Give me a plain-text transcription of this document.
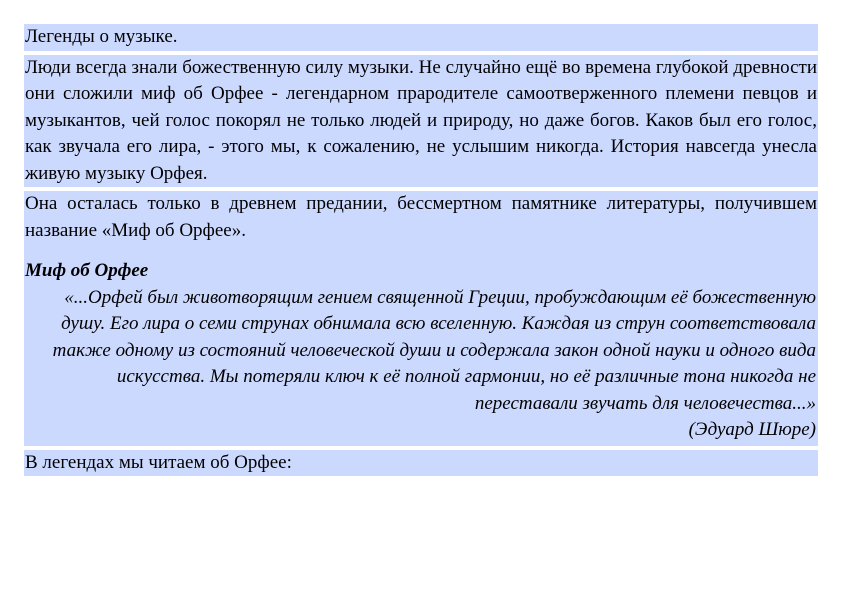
Легенды о музыке.
Люди всегда знали божественную силу музыки. Не случайно ещё во времена глубокой древности они сложили миф об Орфее - легендарном прародителе самоотверженного племени певцов и музыкантов, чей голос покорял не только людей и природу, но даже богов. Каков был его голос, как звучала его лира, - этого мы, к сожалению, не услышим никогда. История навсегда унесла живую музыку Орфея.
Она осталась только в древнем предании, бессмертном памятнике литературы, получившем название «Миф об Орфее».
Миф об Орфее
«...Орфей был животворящим гением священной Греции, пробуждающим её божественную душу. Его лира о семи струнах обнимала всю вселенную. Каждая из струн соответствовала также одному из состояний человеческой души и содержала закон одной науки и одного вида искусства. Мы потеряли ключ к её полной гармонии, но её различные тона никогда не переставали звучать для человечества...»
(Эдуард Шюре)
В легендах мы читаем об Орфее:
